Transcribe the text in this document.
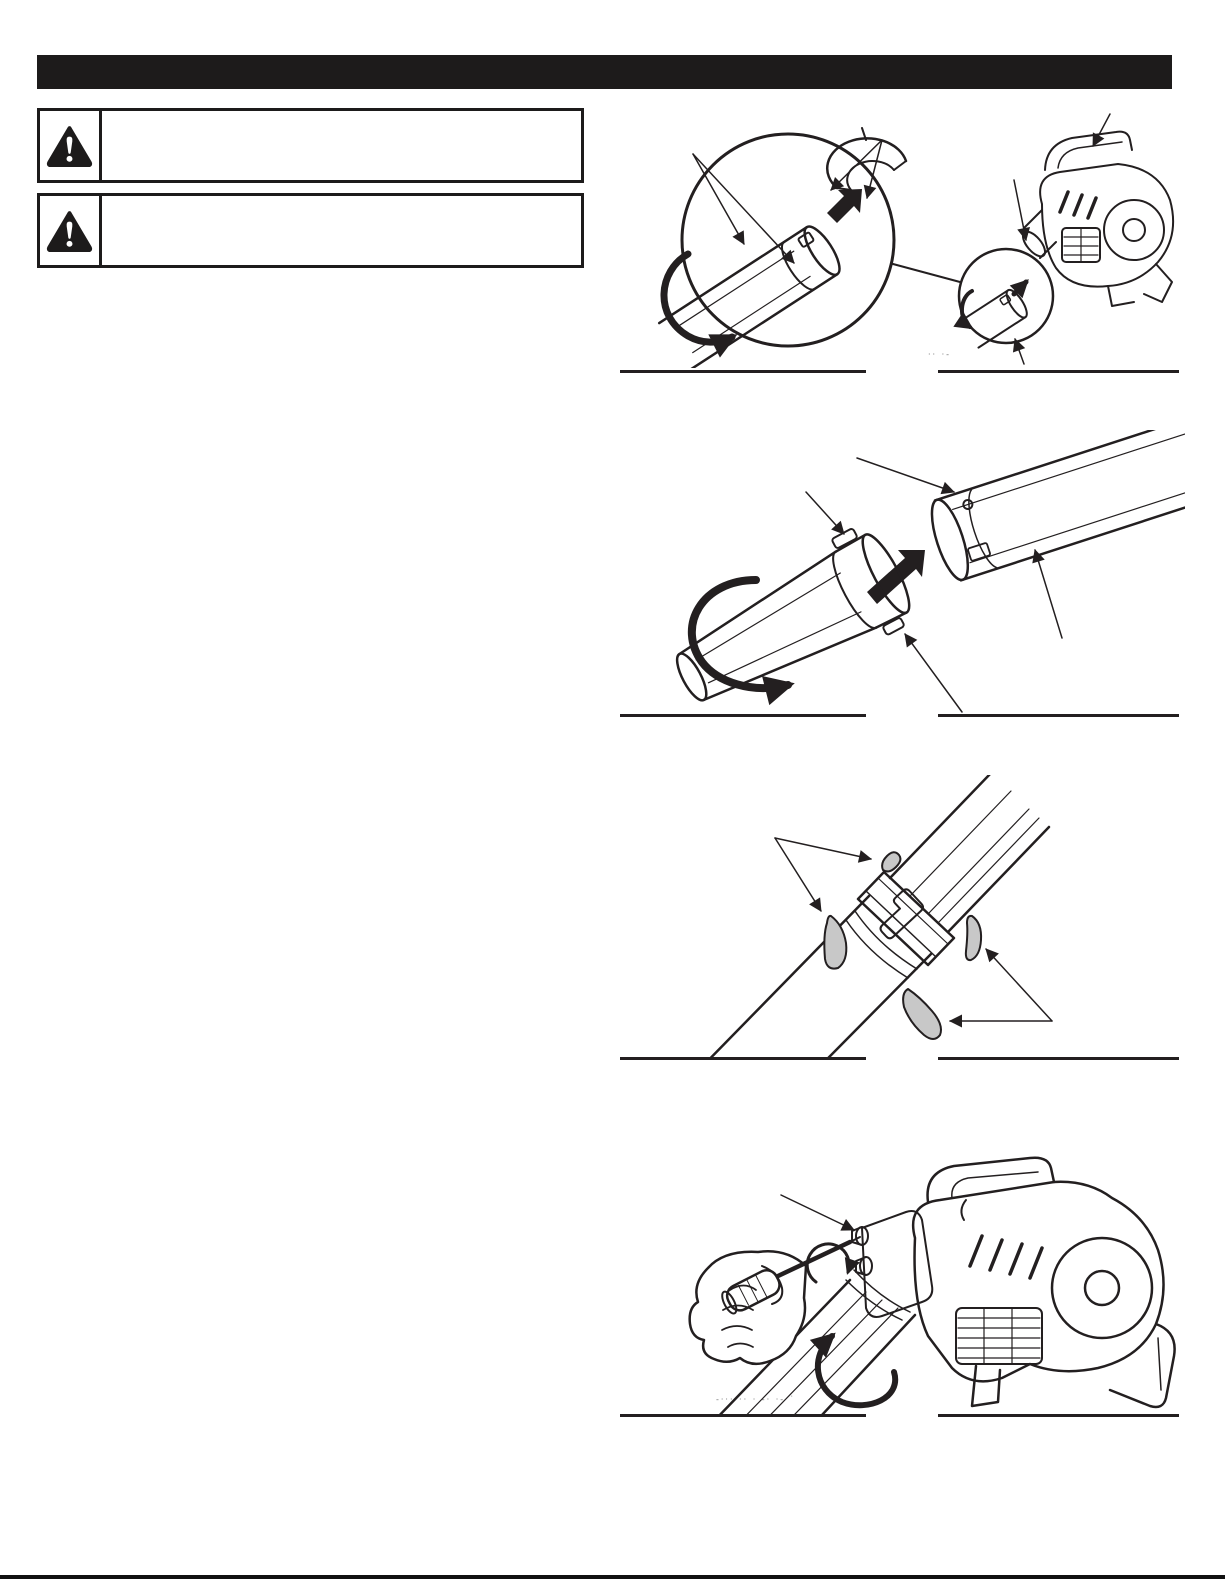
·· ·-
-··· ·· · -· ·- ˙
